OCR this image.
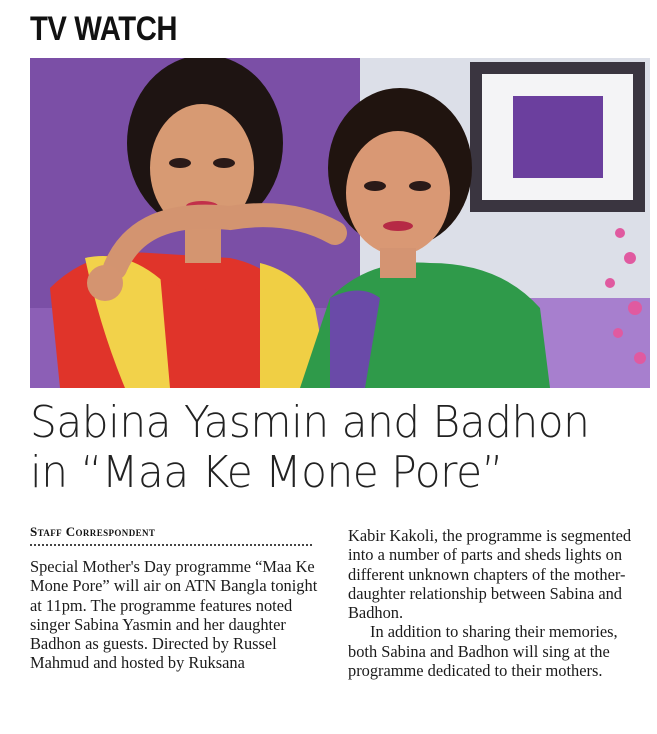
TV WATCH
Sabina Yasmin and Badhon
in “Maa Ke Mone Pore”
Staff Correspondent

Special Mother's Day programme “Maa Ke Mone Pore” will air on ATN Bangla tonight at 11pm. The programme features noted singer Sabina Yasmin and her daughter Badhon as guests. Directed by Russel Mahmud and hosted by Ruksana

Kabir Kakoli, the programme is segmented into a number of parts and sheds lights on different unknown chapters of the mother-daughter relationship between Sabina and Badhon.

In addition to sharing their memories, both Sabina and Badhon will sing at the programme dedicated to their mothers.
